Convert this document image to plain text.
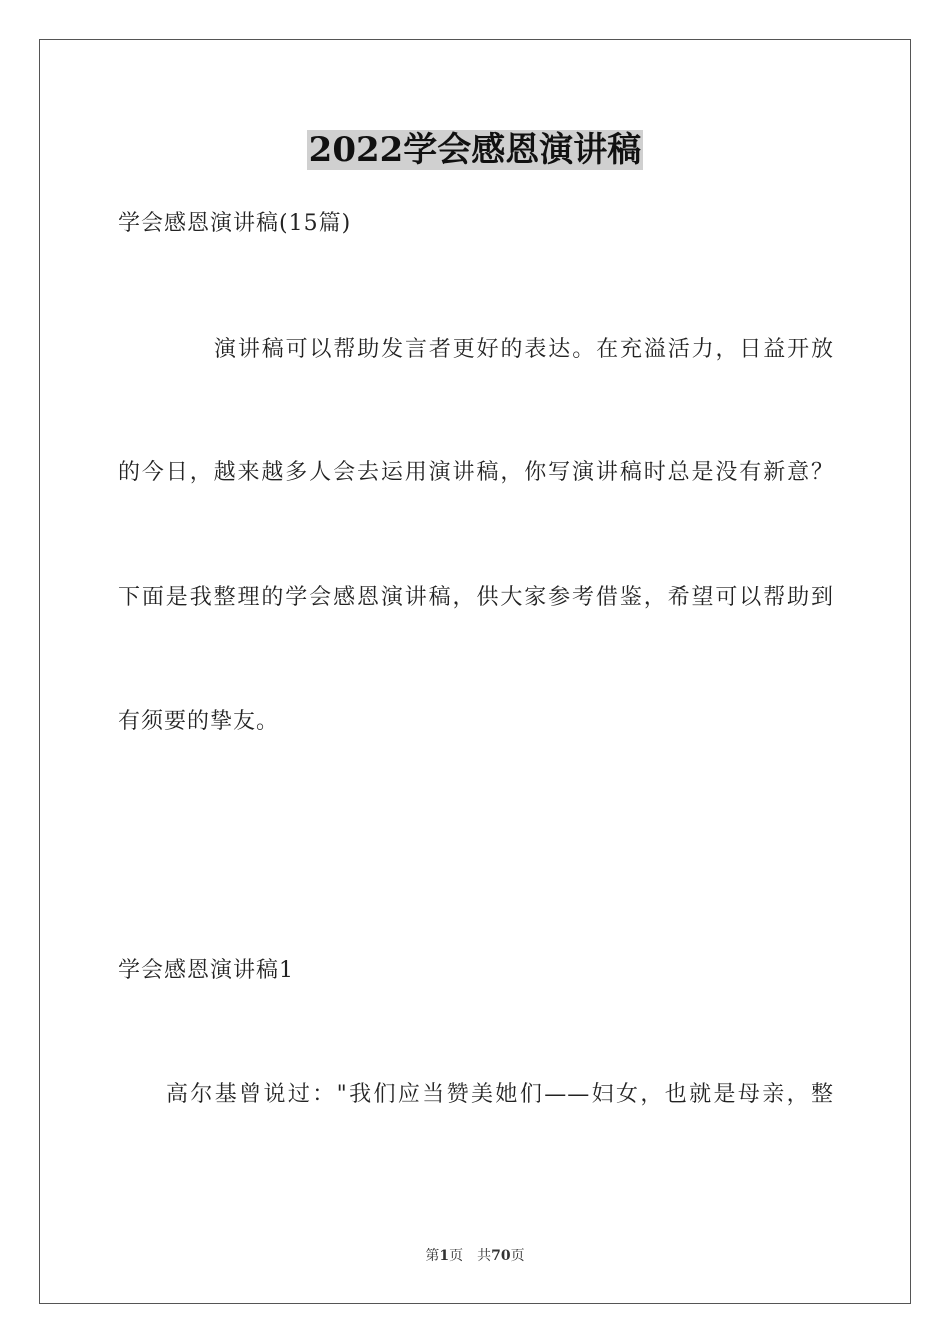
2022学会感恩演讲稿
学会感恩演讲稿(15篇)
演讲稿可以帮助发言者更好的表达。在充溢活力，日益开放
的今日，越来越多人会去运用演讲稿，你写演讲稿时总是没有新意？
下面是我整理的学会感恩演讲稿，供大家参考借鉴，希望可以帮助到
有须要的挚友。
学会感恩演讲稿1
高尔基曾说过："我们应当赞美她们——妇女，也就是母亲，整
第1页 共70页
